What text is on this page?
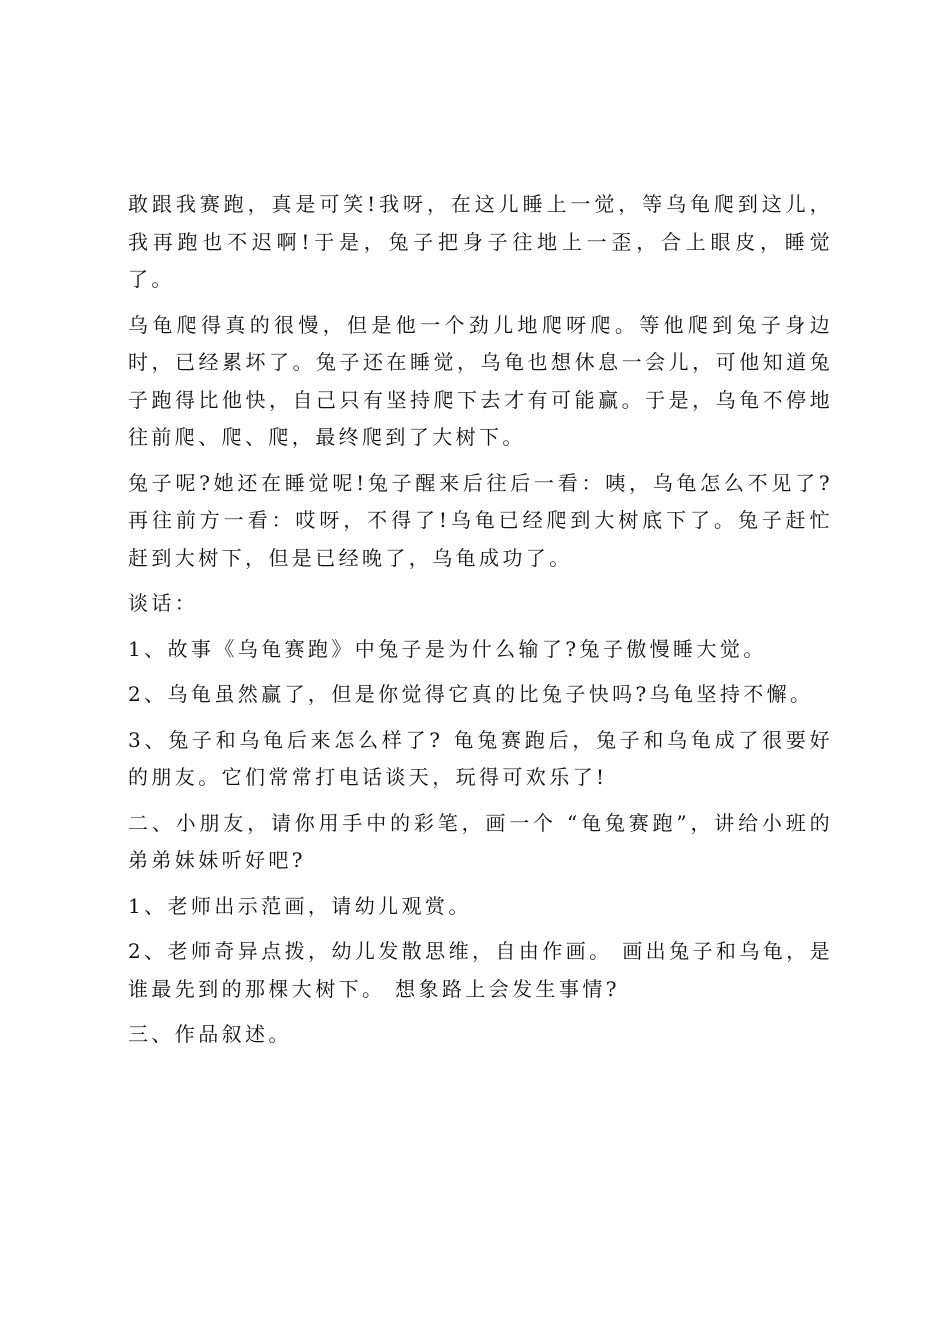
敢跟我赛跑，真是可笑!我呀，在这儿睡上一觉，等乌龟爬到这儿，我再跑也不迟啊!于是，兔子把身子往地上一歪，合上眼皮，睡觉了。

乌龟爬得真的很慢，但是他一个劲儿地爬呀爬。等他爬到兔子身边时，已经累坏了。兔子还在睡觉，乌龟也想休息一会儿，可他知道兔子跑得比他快，自己只有坚持爬下去才有可能赢。于是，乌龟不停地往前爬、爬、爬，最终爬到了大树下。

兔子呢?她还在睡觉呢!兔子醒来后往后一看：咦，乌龟怎么不见了?再往前方一看：哎呀，不得了!乌龟已经爬到大树底下了。兔子赶忙赶到大树下，但是已经晚了，乌龟成功了。

谈话：

1、故事《乌龟赛跑》中兔子是为什么输了?兔子傲慢睡大觉。

2、乌龟虽然赢了，但是你觉得它真的比兔子快吗?乌龟坚持不懈。

3、兔子和乌龟后来怎么样了? 龟兔赛跑后，兔子和乌龟成了很要好的朋友。它们常常打电话谈天，玩得可欢乐了!

二、小朋友，请你用手中的彩笔，画一个 “龟兔赛跑”，讲给小班的弟弟妹妹听好吧?

1、老师出示范画，请幼儿观赏。

2、老师奇异点拨，幼儿发散思维，自由作画。 画出兔子和乌龟，是谁最先到的那棵大树下。 想象路上会发生事情?

三、作品叙述。
